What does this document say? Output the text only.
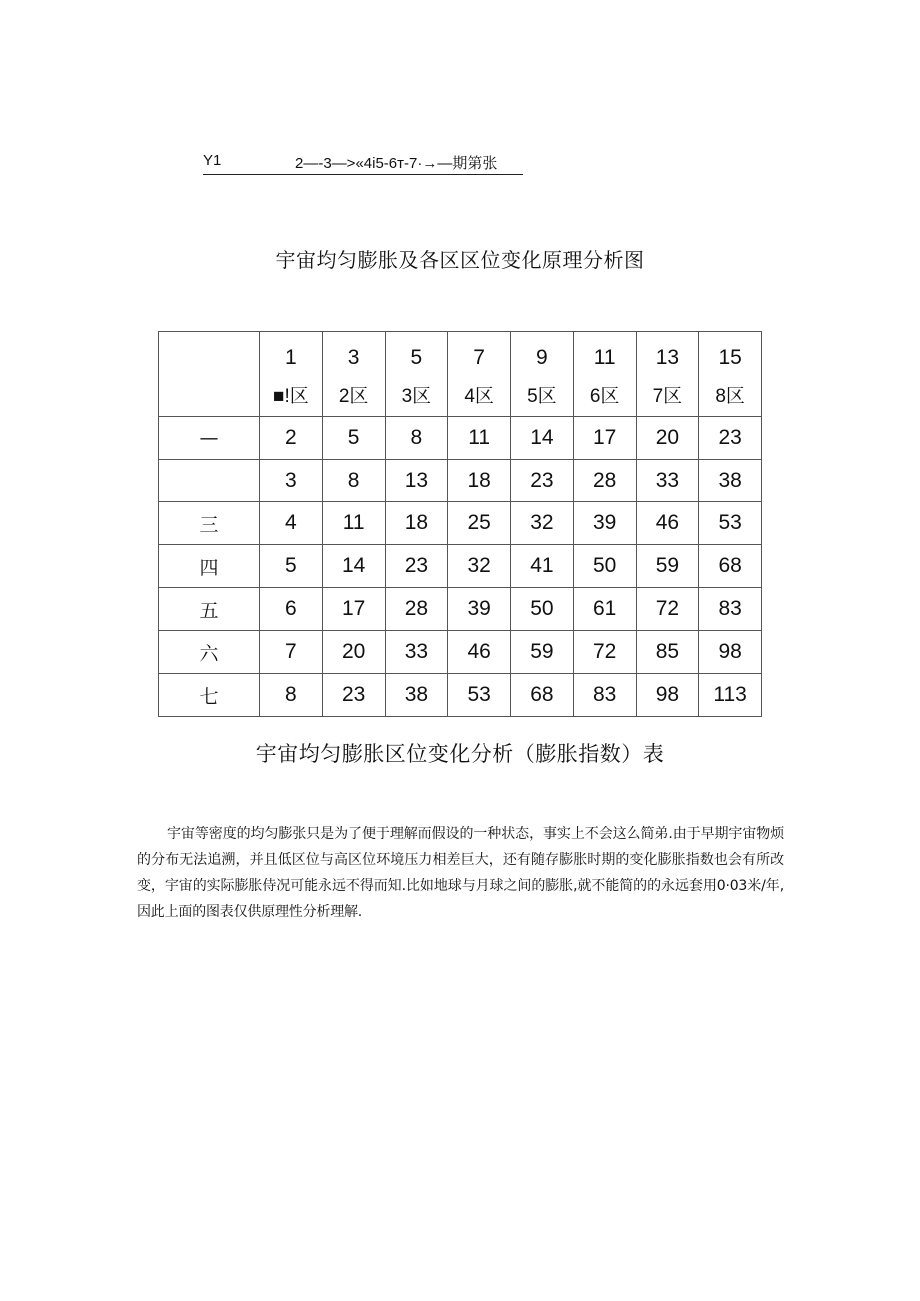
Y1	2—-3—>«4i5-6т-7·→—期第张
宇宙均匀膨胀及各区区位变化原理分析图
	1	3	5	7	9	11	13	15
	■!区	2区	3区	4区	5区	6区	7区	8区
—	2	5	8	11	14	17	20	23
	3	8	13	18	23	28	33	38
三	4	11	18	25	32	39	46	53
四	5	14	23	32	41	50	59	68
五	6	17	28	39	50	61	72	83
六	7	20	33	46	59	72	85	98
七	8	23	38	53	68	83	98	113
宇宙均匀膨胀区位变化分析（膨胀指数）表
宇宙等密度的均匀膨张只是为了便于理解而假设的一种状态，事实上不会这么简弟.由于早期宇宙物烦的分布无法追溯，并且低区位与高区位环境压力相差巨大，还有随存膨胀时期的变化膨胀指数也会有所改变，宇宙的实际膨胀侍况可能永远不得而知.比如地球与月球之间的膨胀,就不能简的的永远套用0·03米/年,因此上面的图表仅供原理性分析理解.
